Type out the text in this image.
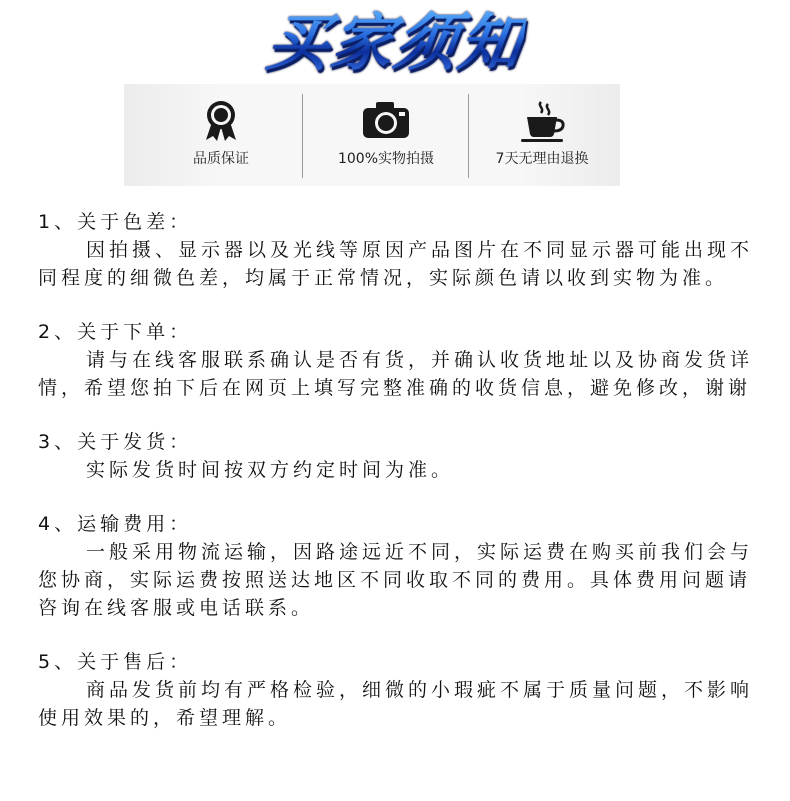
买家须知
品质保证	100%实物拍摄	7天无理由退换
1、关于色差：

因拍摄、显示器以及光线等原因产品图片在不同显示器可能出现不同程度的细微色差，均属于正常情况，实际颜色请以收到实物为准。

2、关于下单：

请与在线客服联系确认是否有货，并确认收货地址以及协商发货详情，希望您拍下后在网页上填写完整准确的收货信息，避免修改，谢谢

3、关于发货：

实际发货时间按双方约定时间为准。

4、运输费用：

一般采用物流运输，因路途远近不同，实际运费在购买前我们会与您协商，实际运费按照送达地区不同收取不同的费用。具体费用问题请咨询在线客服或电话联系。

5、关于售后：

商品发货前均有严格检验，细微的小瑕疵不属于质量问题，不影响使用效果的，希望理解。
